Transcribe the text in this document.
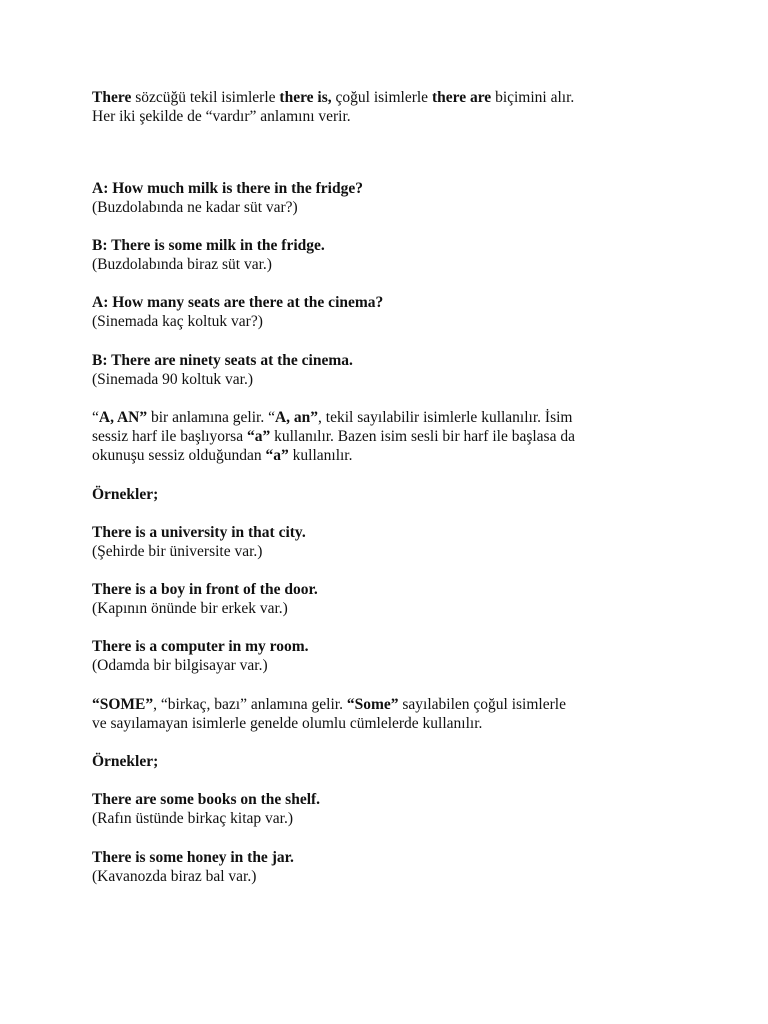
There sözcüğü tekil isimlerle there is, çoğul isimlerle there are biçimini alır.

Her iki şekilde de “vardır” anlamını verir.

A: How much milk is there in the fridge?

(Buzdolabında ne kadar süt var?)

B: There is some milk in the fridge.

(Buzdolabında biraz süt var.)

A: How many seats are there at the cinema?

(Sinemada kaç koltuk var?)

B: There are ninety seats at the cinema.

(Sinemada 90 koltuk var.)

“A, AN” bir anlamına gelir. “A, an”, tekil sayılabilir isimlerle kullanılır. İsim

sessiz harf ile başlıyorsa “a” kullanılır. Bazen isim sesli bir harf ile başlasa da

okunuşu sessiz olduğundan “a” kullanılır.

Örnekler;

There is a university in that city.

(Şehirde bir üniversite var.)

There is a boy in front of the door.

(Kapının önünde bir erkek var.)

There is a computer in my room.

(Odamda bir bilgisayar var.)

“SOME”, “birkaç, bazı” anlamına gelir. “Some” sayılabilen çoğul isimlerle

ve sayılamayan isimlerle genelde olumlu cümlelerde kullanılır.

Örnekler;

There are some books on the shelf.

(Rafın üstünde birkaç kitap var.)

There is some honey in the jar.

(Kavanozda biraz bal var.)
